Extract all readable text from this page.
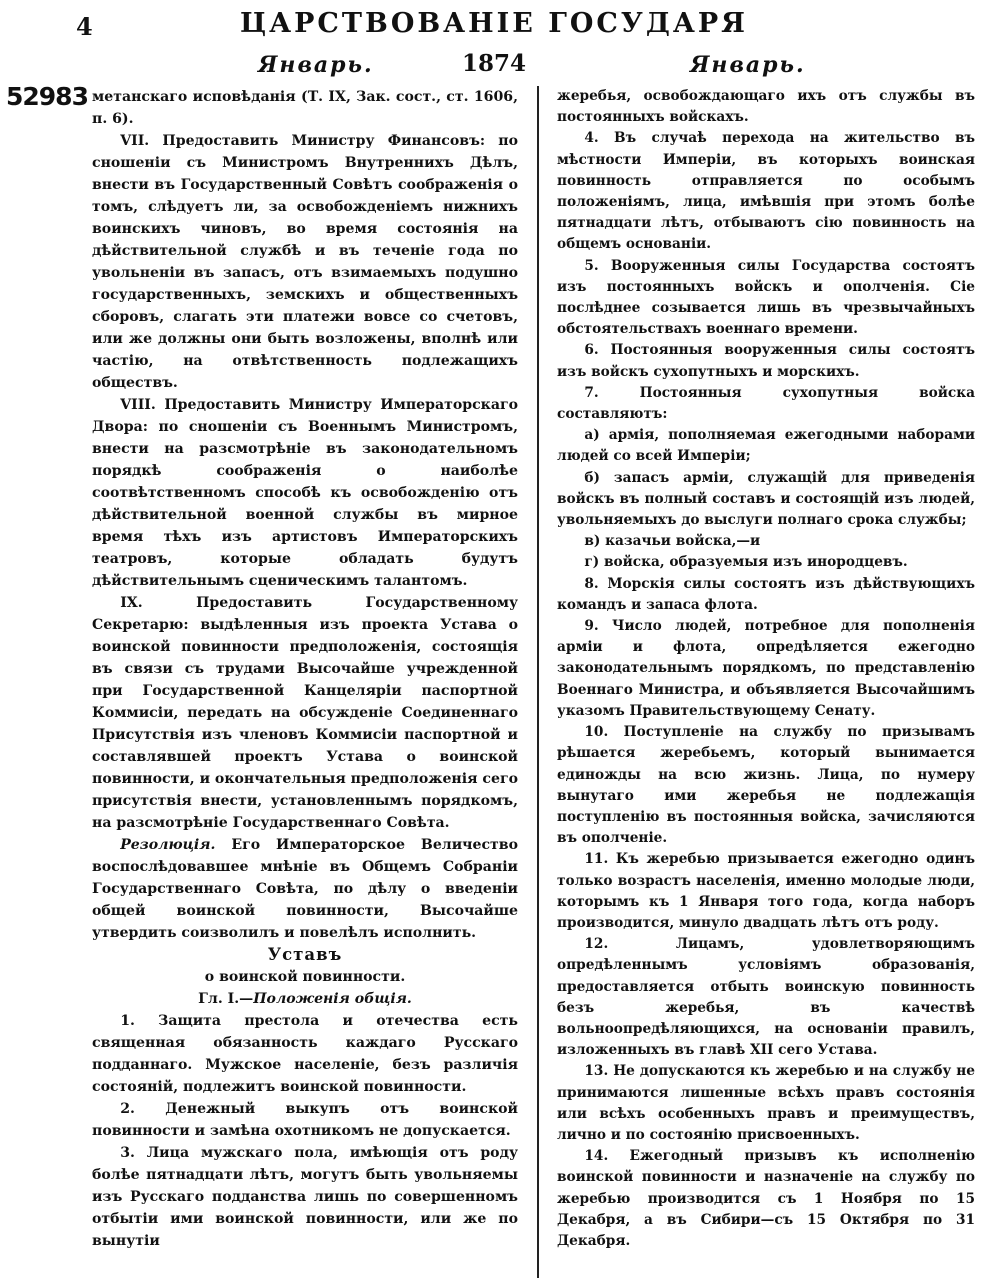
4	ЦАРСТВОВАНІЕ ГОСУДАРЯ
Январь.	1874	Январь.
52983 метанскаго исповѣданія (Т. IX, Зак. сост., ст. 1606, п. 6).

VII. Предоставить Министру Финансовъ: по сношеніи съ Министромъ Внутреннихъ Дѣлъ, внести въ Государственный Совѣтъ соображенія о томъ, слѣдуетъ ли, за освобожденіемъ нижнихъ воинскихъ чиновъ, во время состоянія на дѣйствительной службѣ и въ теченіе года по увольненіи въ запасъ, отъ взимаемыхъ подушно государственныхъ, земскихъ и общественныхъ сборовъ, слагать эти платежи вовсе со счетовъ, или же должны они быть возложены, вполнѣ или частію, на отвѣтственность подлежащихъ обществъ.

VIII. Предоставить Министру Императорскаго Двора: по сношеніи съ Военнымъ Министромъ, внести на разсмотрѣніе въ законодательномъ порядкѣ соображенія о наиболѣе соотвѣтственномъ способѣ къ освобожденію отъ дѣйствительной военной службы въ мирное время тѣхъ изъ артистовъ Императорскихъ театровъ, которые обладать будутъ дѣйствительнымъ сценическимъ талантомъ.

IX. Предоставить Государственному Секретарю: выдѣленныя изъ проекта Устава о воинской повинности предположенія, состоящія въ связи съ трудами Высочайше учрежденной при Государственной Канцеляріи паспортной Коммисіи, передать на обсужденіе Соединеннаго Присутствія изъ членовъ Коммисіи паспортной и составлявшей проектъ Устава о воинской повинности, и окончательныя предположенія сего присутствія внести, установленнымъ порядкомъ, на разсмотрѣніе Государственнаго Совѣта.

Резолюція. Его Императорское Величество воспослѣдовавшее мнѣніе въ Общемъ Собраніи Государственнаго Совѣта, по дѣлу о введеніи общей воинской повинности, Высочайше утвердить соизволилъ и повелѣлъ исполнить.

Уставъ

о воинской повинности.

Гл. I.—Положенія общія.

1. Защита престола и отечества есть священная обязанность каждаго Русскаго подданнаго. Мужское населеніе, безъ различія состояній, подлежитъ воинской повинности.

2. Денежный выкупъ отъ воинской повинности и замѣна охотникомъ не допускается.

3. Лица мужскаго пола, имѣющія отъ роду болѣе пятнадцати лѣтъ, могутъ быть увольняемы изъ Русскаго подданства лишь по совершенномъ отбытіи ими воинской повинности, или же по вынутіи

жеребья, освобождающаго ихъ отъ службы въ постоянныхъ войскахъ.

4. Въ случаѣ перехода на жительство въ мѣстности Имперіи, въ которыхъ воинская повинность отправляется по особымъ положеніямъ, лица, имѣвшія при этомъ болѣе пятнадцати лѣтъ, отбываютъ сію повинность на общемъ основаніи.

5. Вооруженныя силы Государства состоятъ изъ постоянныхъ войскъ и ополченія. Сіе послѣднее созывается лишь въ чрезвычайныхъ обстоятельствахъ военнаго времени.

6. Постоянныя вооруженныя силы состоятъ изъ войскъ сухопутныхъ и морскихъ.

7. Постоянныя сухопутныя войска составляютъ:

а) армія, пополняемая ежегодными наборами людей со всей Имперіи;

б) запасъ арміи, служащій для приведенія войскъ въ полный составъ и состоящій изъ людей, увольняемыхъ до выслуги полнаго срока службы;

в) казачьи войска,—и

г) войска, образуемыя изъ инородцевъ.

8. Морскія силы состоятъ изъ дѣйствующихъ командъ и запаса флота.

9. Число людей, потребное для пополненія арміи и флота, опредѣляется ежегодно законодательнымъ порядкомъ, по представленію Военнаго Министра, и объявляется Высочайшимъ указомъ Правительствующему Сенату.

10. Поступленіе на службу по призывамъ рѣшается жеребьемъ, который вынимается единожды на всю жизнь. Лица, по нумеру вынутаго ими жеребья не подлежащія поступленію въ постоянныя войска, зачисляются въ ополченіе.

11. Къ жеребью призывается ежегодно одинъ только возрастъ населенія, именно молодые люди, которымъ къ 1 Января того года, когда наборъ производится, минуло двадцать лѣтъ отъ роду.

12. Лицамъ, удовлетворяющимъ опредѣленнымъ условіямъ образованія, предоставляется отбыть воинскую повинность безъ жеребья, въ качествѣ вольноопредѣляющихся, на основаніи правилъ, изложенныхъ въ главѣ XII сего Устава.

13. Не допускаются къ жеребью и на службу не принимаются лишенные всѣхъ правъ состоянія или всѣхъ особенныхъ правъ и преимуществъ, лично и по состоянію присвоенныхъ.

14. Ежегодный призывъ къ исполненію воинской повинности и назначеніе на службу по жеребью производится съ 1 Ноября по 15 Декабря, а въ Сибири—съ 15 Октября по 31 Декабря.
